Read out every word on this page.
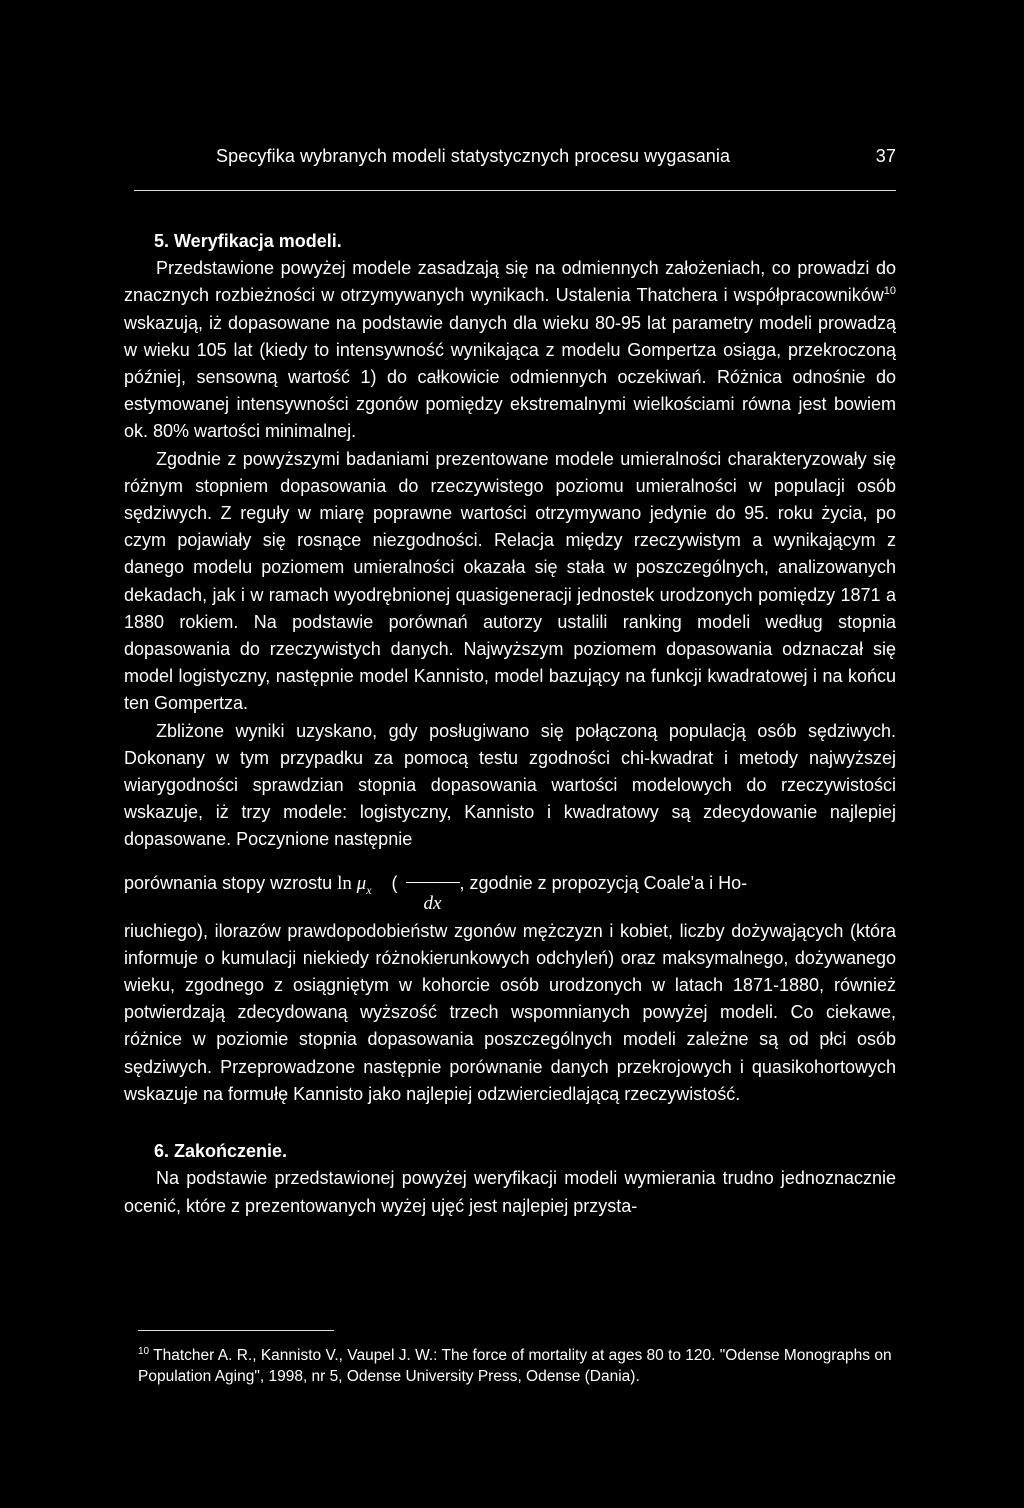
Specyfika wybranych modeli statystycznych procesu wygasania	37

5. Weryfikacja modeli.

Przedstawione powyżej modele zasadzają się na odmiennych założeniach, co prowadzi do znacznych rozbieżności w otrzymywanych wynikach. Ustalenia Thatchera i współpracowników$^{10}$ wskazują, iż dopasowane na podstawie danych dla wieku 80-95 lat parametry modeli prowadzą w wieku 105 lat (kiedy to intensywność wynikająca z modelu Gompertza osiąga, przekroczoną później, sensowną wartość 1) do całkowicie odmiennych oczekiwań. Różnica odnośnie do estymowanej intensywności zgonów pomiędzy ekstremalnymi wielkościami równa jest bowiem ok. 80% wartości minimalnej.

Zgodnie z powyższymi badaniami prezentowane modele umieralności charakteryzowały się różnym stopniem dopasowania do rzeczywistego poziomu umieralności w populacji osób sędziwych. Z reguły w miarę poprawne wartości otrzymywano jedynie do 95. roku życia, po czym pojawiały się rosnące niezgodności. Relacja między rzeczywistym a wynikającym z danego modelu poziomem umieralności okazała się stała w poszczególnych, analizowanych dekadach, jak i w ramach wyodrębnionej quasigeneracji jednostek urodzonych pomiędzy 1871 a 1880 rokiem. Na podstawie porównań autorzy ustalili ranking modeli według stopnia dopasowania do rzeczywistych danych. Najwyższym poziomem dopasowania odznaczał się model logistyczny, następnie model Kannisto, model bazujący na funkcji kwadratowej i na końcu ten Gompertza.

Zbliżone wyniki uzyskano, gdy posługiwano się połączoną populacją osób sędziwych. Dokonany w tym przypadku za pomocą testu zgodności chi-kwadrat i metody najwyższej wiarygodności sprawdzian stopnia dopasowania wartości modelowych do rzeczywistości wskazuje, iż trzy modele: logistyczny, Kannisto i kwadratowy są zdecydowanie najlepiej dopasowane. Poczynione następnie

porównania stopy wzrostu $\ln \mu_x$ (
dx
, zgodnie z propozycją Coale'a i Ho-

riuchiego), ilorazów prawdopodobieństw zgonów mężczyzn i kobiet, liczby dożywających (która informuje o kumulacji niekiedy różnokierunkowych odchyleń) oraz maksymalnego, dożywanego wieku, zgodnego z osiągniętym w kohorcie osób urodzonych w latach 1871-1880, również potwierdzają zdecydowaną wyższość trzech wspomnianych powyżej modeli. Co ciekawe, różnice w poziomie stopnia dopasowania poszczególnych modeli zależne są od płci osób sędziwych. Przeprowadzone następnie porównanie danych przekrojowych i quasikohortowych wskazuje na formułę Kannisto jako najlepiej odzwierciedlającą rzeczywistość.

6. Zakończenie.

Na podstawie przedstawionej powyżej weryfikacji modeli wymierania trudno jednoznacznie ocenić, które z prezentowanych wyżej ujęć jest najlepiej przysta-

$^{10}$ Thatcher A. R., Kannisto V., Vaupel J. W.: The force of mortality at ages 80 to 120. "Odense Monographs on Population Aging", 1998, nr 5, Odense University Press, Odense (Dania).
